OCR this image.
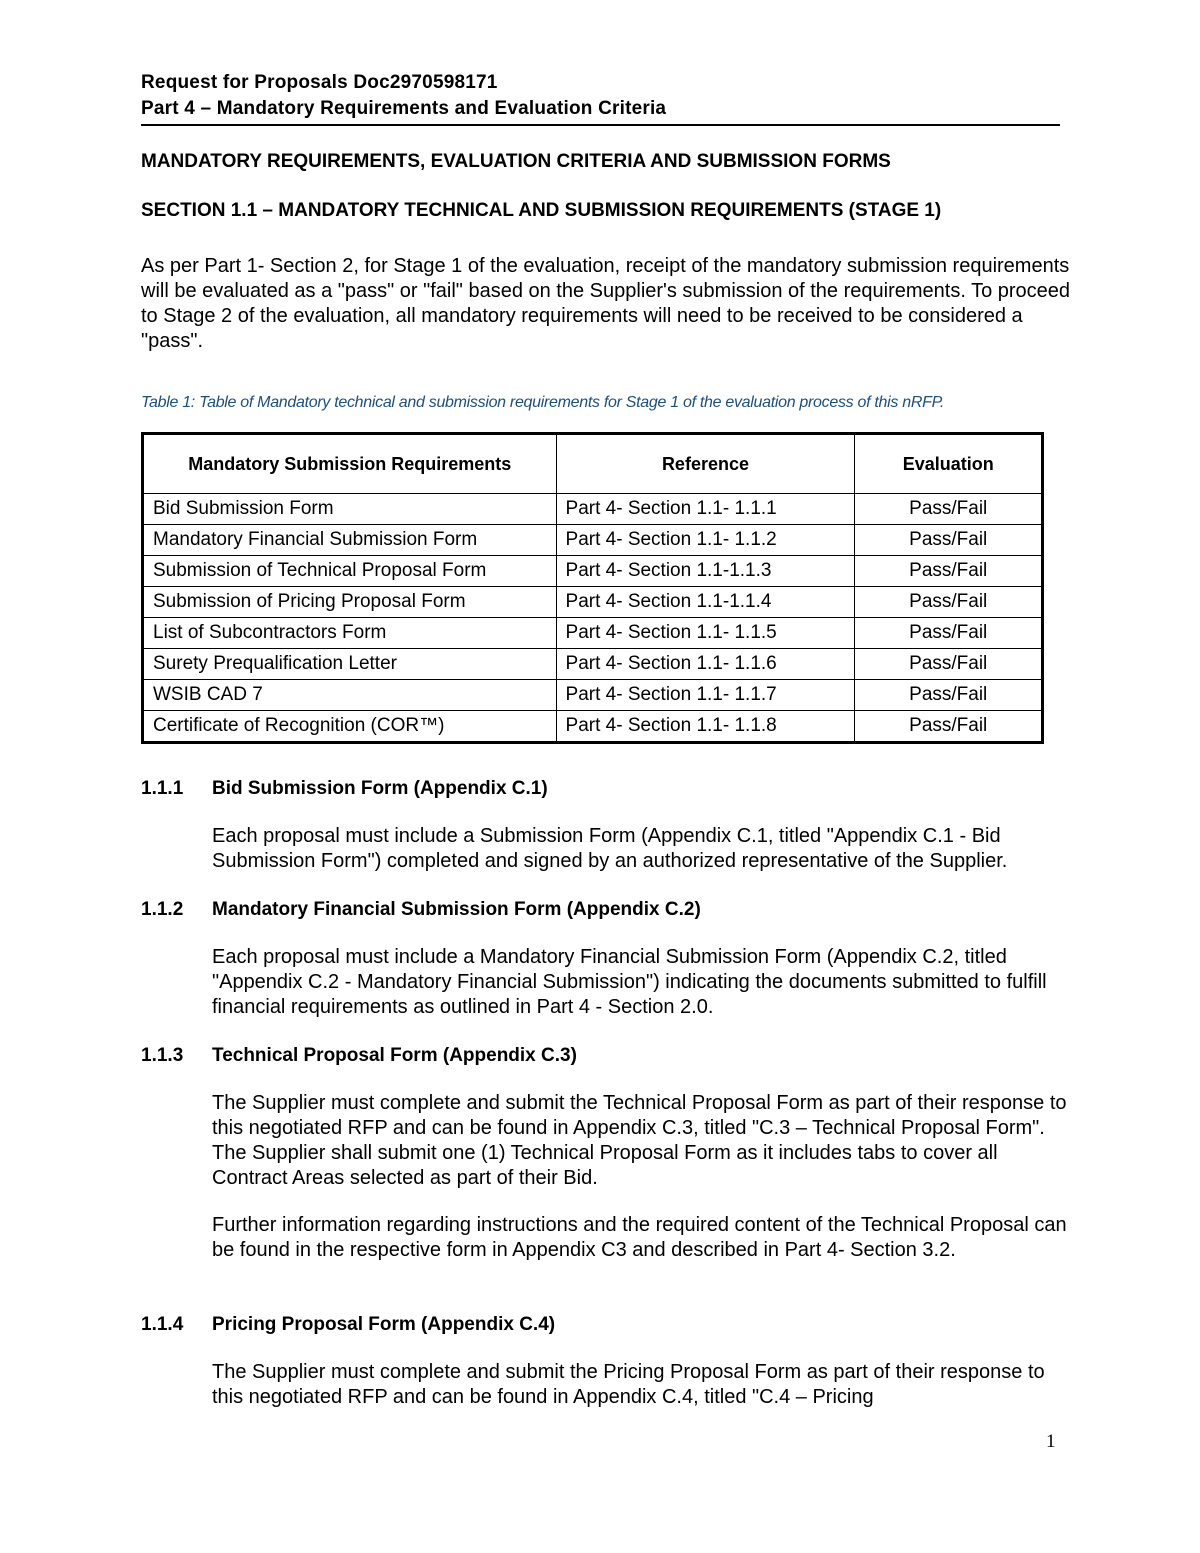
Request for Proposals Doc2970598171
Part 4 – Mandatory Requirements and Evaluation Criteria
MANDATORY REQUIREMENTS, EVALUATION CRITERIA AND SUBMISSION FORMS
SECTION 1.1 – MANDATORY TECHNICAL AND SUBMISSION REQUIREMENTS (STAGE 1)
As per Part 1- Section 2, for Stage 1 of the evaluation, receipt of the mandatory submission requirements will be evaluated as a "pass" or "fail" based on the Supplier's submission of the requirements. To proceed to Stage 2 of the evaluation, all mandatory requirements will need to be received to be considered a "pass".
Table 1: Table of Mandatory technical and submission requirements for Stage 1 of the evaluation process of this nRFP.
Mandatory Submission Requirements	Reference	Evaluation
Bid Submission Form	Part 4- Section 1.1- 1.1.1	Pass/Fail
Mandatory Financial Submission Form	Part 4- Section 1.1- 1.1.2	Pass/Fail
Submission of Technical Proposal Form	Part 4- Section 1.1-1.1.3	Pass/Fail
Submission of Pricing Proposal Form	Part 4- Section 1.1-1.1.4	Pass/Fail
List of Subcontractors Form	Part 4- Section 1.1- 1.1.5	Pass/Fail
Surety Prequalification Letter	Part 4- Section 1.1- 1.1.6	Pass/Fail
WSIB CAD 7	Part 4- Section 1.1- 1.1.7	Pass/Fail
Certificate of Recognition (COR™)	Part 4- Section 1.1- 1.1.8	Pass/Fail
1.1.1 Bid Submission Form (Appendix C.1)

Each proposal must include a Submission Form (Appendix C.1, titled "Appendix C.1 - Bid Submission Form") completed and signed by an authorized representative of the Supplier.

1.1.2 Mandatory Financial Submission Form (Appendix C.2)

Each proposal must include a Mandatory Financial Submission Form (Appendix C.2, titled "Appendix C.2 - Mandatory Financial Submission") indicating the documents submitted to fulfill financial requirements as outlined in Part 4 - Section 2.0.

1.1.3 Technical Proposal Form (Appendix C.3)

The Supplier must complete and submit the Technical Proposal Form as part of their response to this negotiated RFP and can be found in Appendix C.3, titled "C.3 – Technical Proposal Form". The Supplier shall submit one (1) Technical Proposal Form as it includes tabs to cover all Contract Areas selected as part of their Bid.

Further information regarding instructions and the required content of the Technical Proposal can be found in the respective form in Appendix C3 and described in Part 4- Section 3.2.

1.1.4 Pricing Proposal Form (Appendix C.4)

The Supplier must complete and submit the Pricing Proposal Form as part of their response to this negotiated RFP and can be found in Appendix C.4, titled "C.4 – Pricing

1
